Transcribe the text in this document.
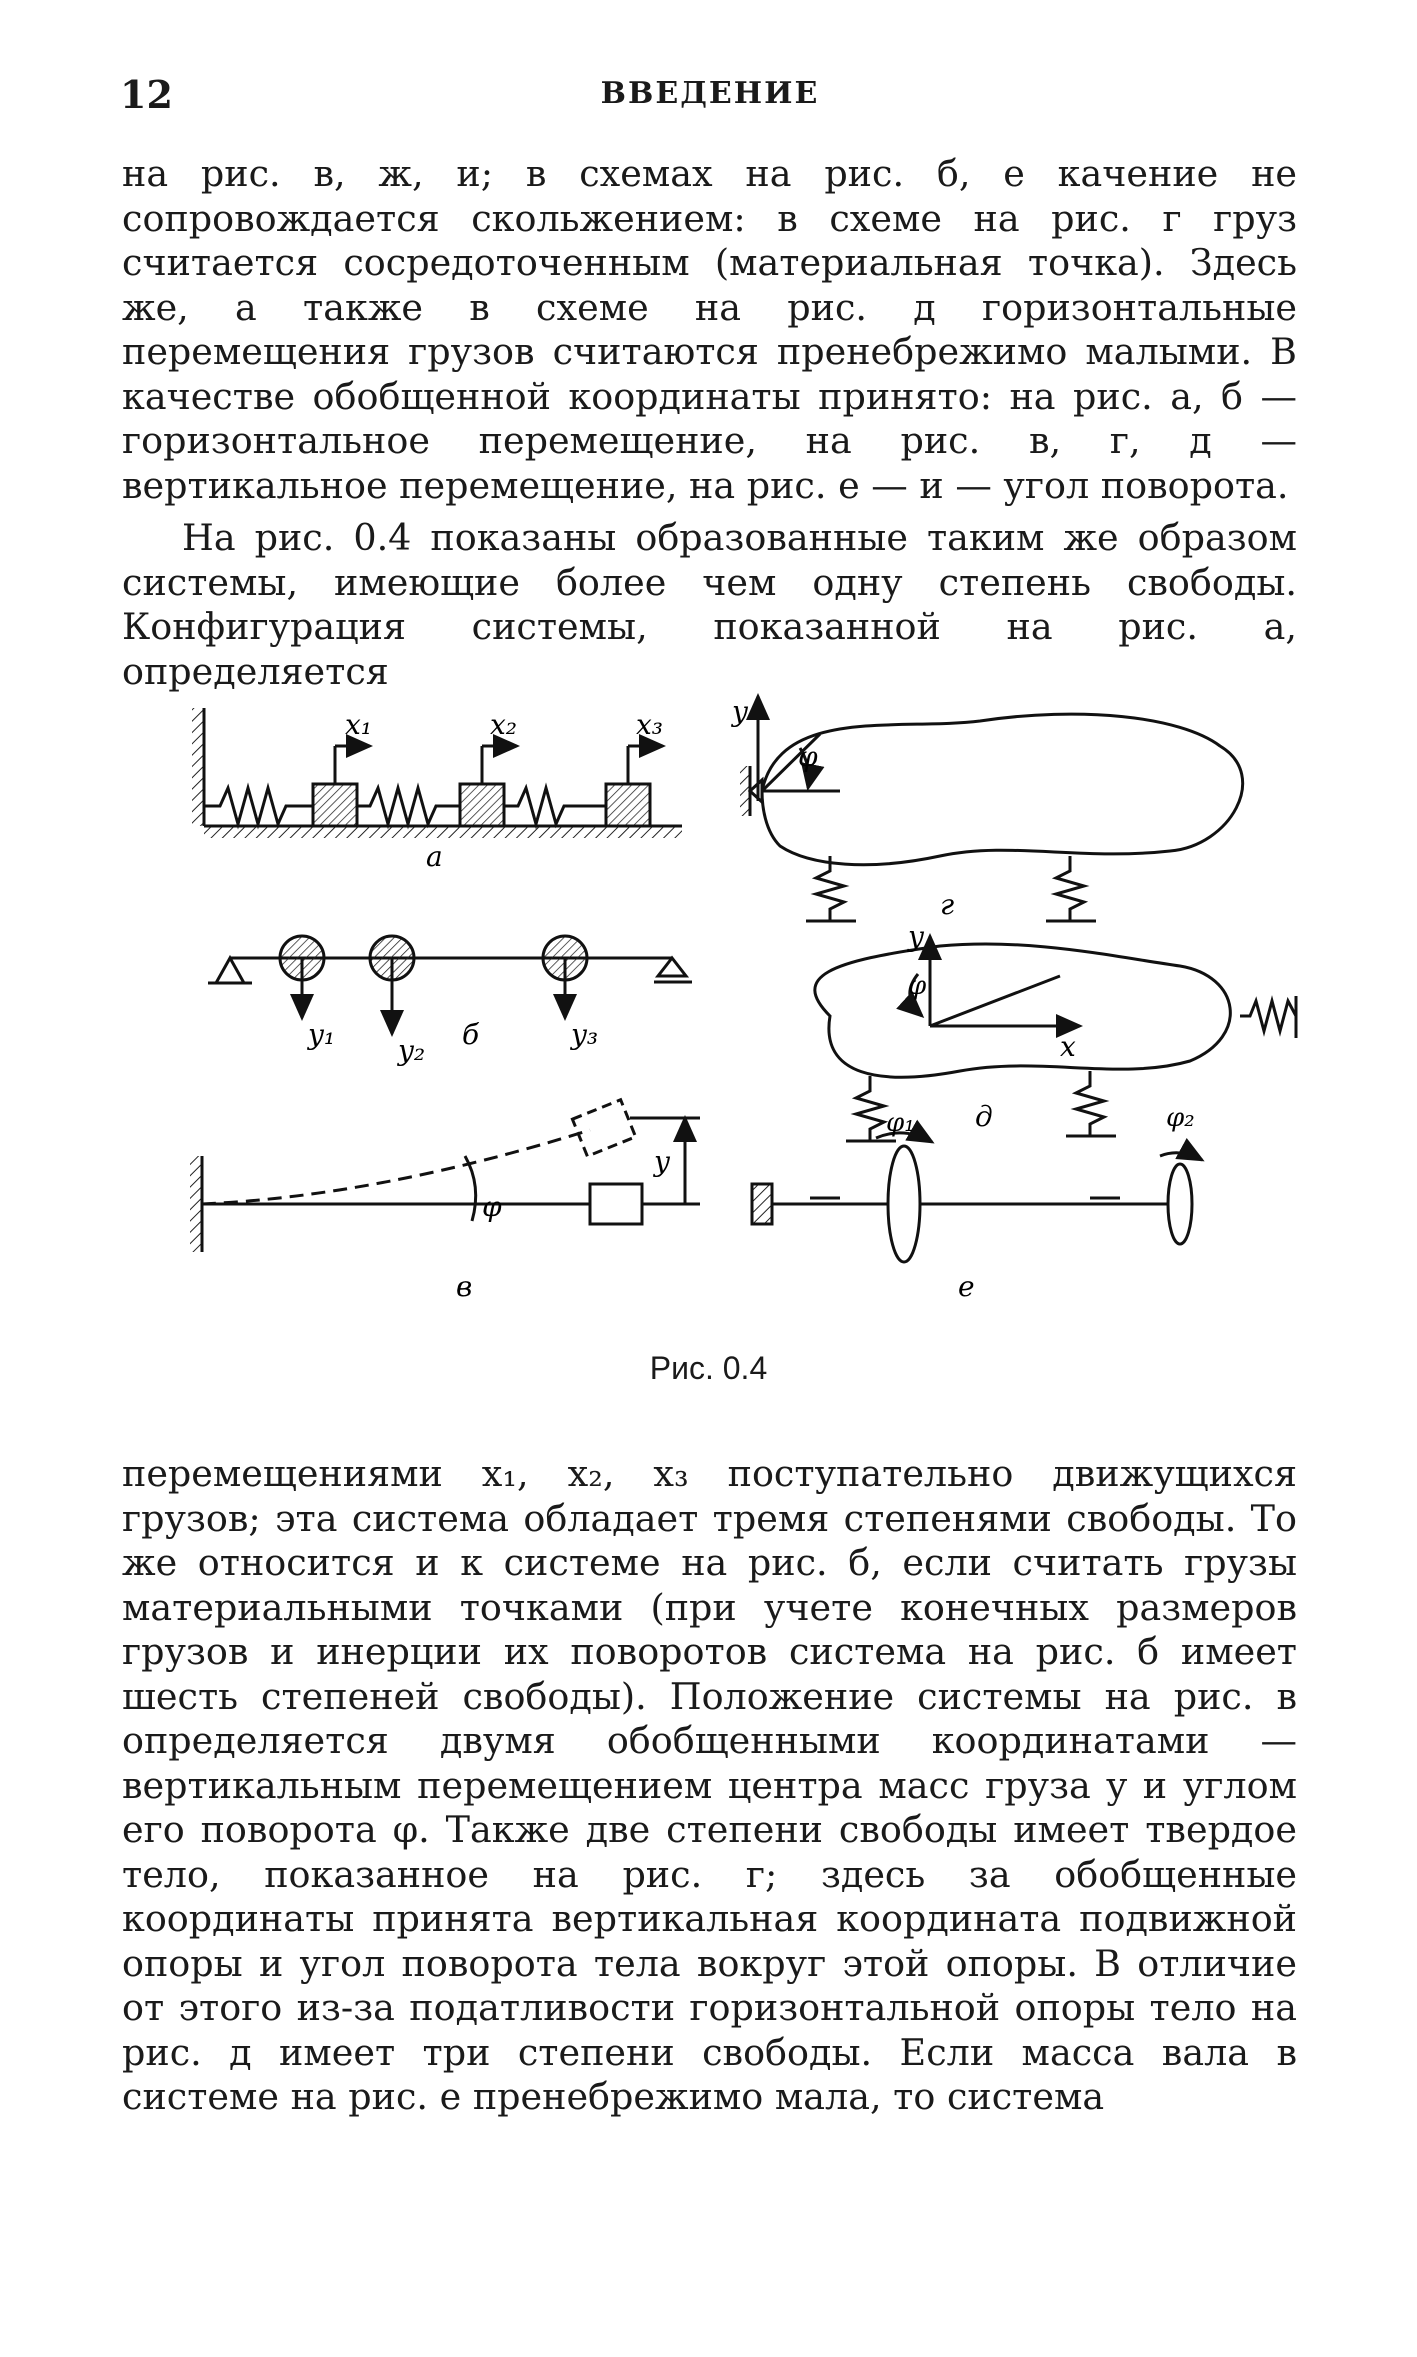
12	ВВЕДЕНИЕ

на рис. в, ж, и; в схемах на рис. б, е качение не сопровождается скольжением: в схеме на рис. г груз считается сосредоточенным (материальная точка). Здесь же, а также в схеме на рис. д горизонтальные перемещения грузов считаются пренебрежимо малыми. В качестве обобщенной координаты принято: на рис. а, б — горизонтальное перемещение, на рис. в, г, д — вертикальное перемещение, на рис. е — и — угол поворота.

На рис. 0.4 показаны образованные таким же образом системы, имеющие более чем одну степень свободы. Конфигурация системы, показанной на рис. а, определяется

x₁	x₂	x₃
а
y₁ y₂	y₃
б
y
φ
в
y
φ
г
y
φ
x
д
φ₁	φ₂
е
Рис. 0.4

перемещениями x₁, x₂, x₃ поступательно движущихся грузов; эта система обладает тремя степенями свободы. То же относится и к системе на рис. б, если считать грузы материальными точками (при учете конечных размеров грузов и инерции их поворотов система на рис. б имеет шесть степеней свободы). Положение системы на рис. в определяется двумя обобщенными координатами — вертикальным перемещением центра масс груза y и углом его поворота φ. Также две степени свободы имеет твердое тело, показанное на рис. г; здесь за обобщенные координаты принята вертикальная координата подвижной опоры и угол поворота тела вокруг этой опоры. В отличие от этого из-за податливости горизонтальной опоры тело на рис. д имеет три степени свободы. Если масса вала в системе на рис. е пренебрежимо мала, то система
